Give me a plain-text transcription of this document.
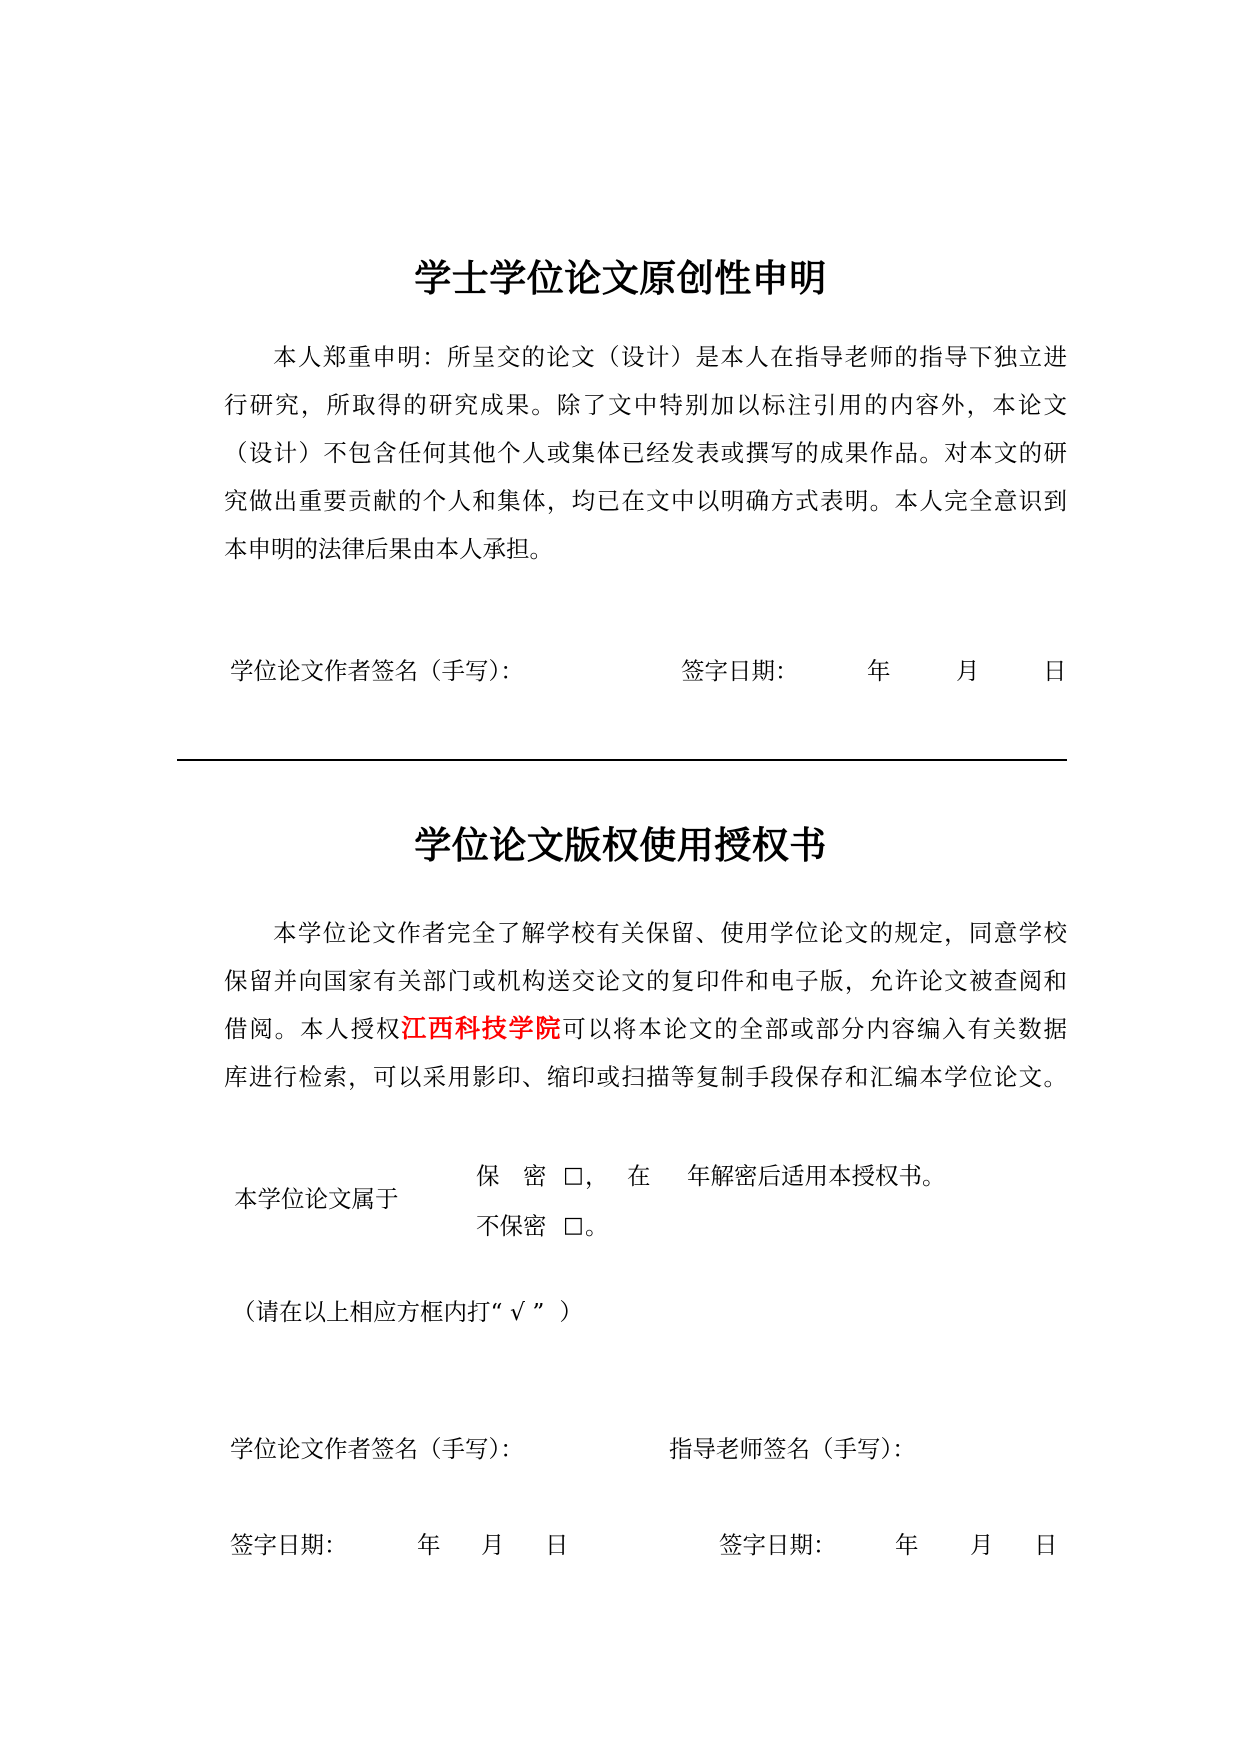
学士学位论文原创性申明
本人郑重申明：所呈交的论文（设计）是本人在指导老师的指导下独立进
行研究，所取得的研究成果。除了文中特别加以标注引用的内容外，本论文
（设计）不包含任何其他个人或集体已经发表或撰写的成果作品。对本文的研
究做出重要贡献的个人和集体，均已在文中以明确方式表明。本人完全意识到
本申明的法律后果由本人承担。
学位论文作者签名（手写）：	签字日期：	年	月	日
学位论文版权使用授权书
本学位论文作者完全了解学校有关保留、使用学位论文的规定，同意学校
保留并向国家有关部门或机构送交论文的复印件和电子版，允许论文被查阅和
借阅。本人授权江西科技学院可以将本论文的全部或部分内容编入有关数据
库进行检索，可以采用影印、缩印或扫描等复制手段保存和汇编本学位论文。
本学位论文属于
保　密 □ ， 在 年解密后适用本授权书。
不保密 □ 。
（请在以上相应方框内打“ √ ”  ）
学位论文作者签名（手写）：	指导老师签名（手写）：
签字日期：	年 月 日	签字日期： 年 月 日
